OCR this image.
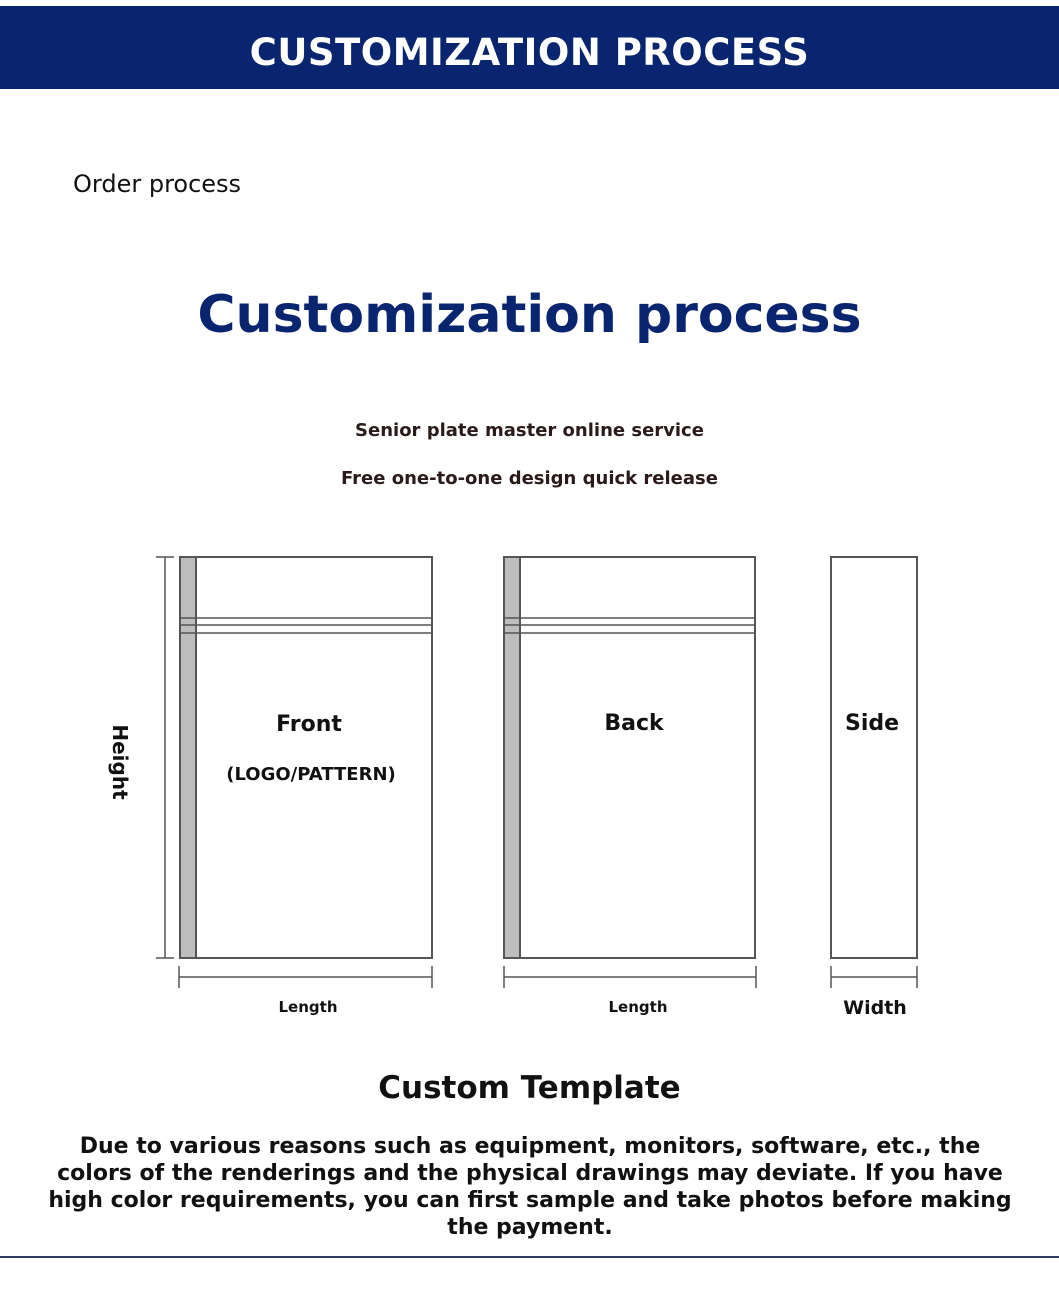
CUSTOMIZATION PROCESS
Order process
Customization process
Senior plate master online service
Free one-to-one design quick release
Height	Front
(LOGO/PATTERN)
Length
Back
Length
Side
Width
Custom Template
Due to various reasons such as equipment, monitors, software, etc., the colors of the renderings and the physical drawings may deviate. If you have high color requirements, you can first sample and take photos before making the payment.
